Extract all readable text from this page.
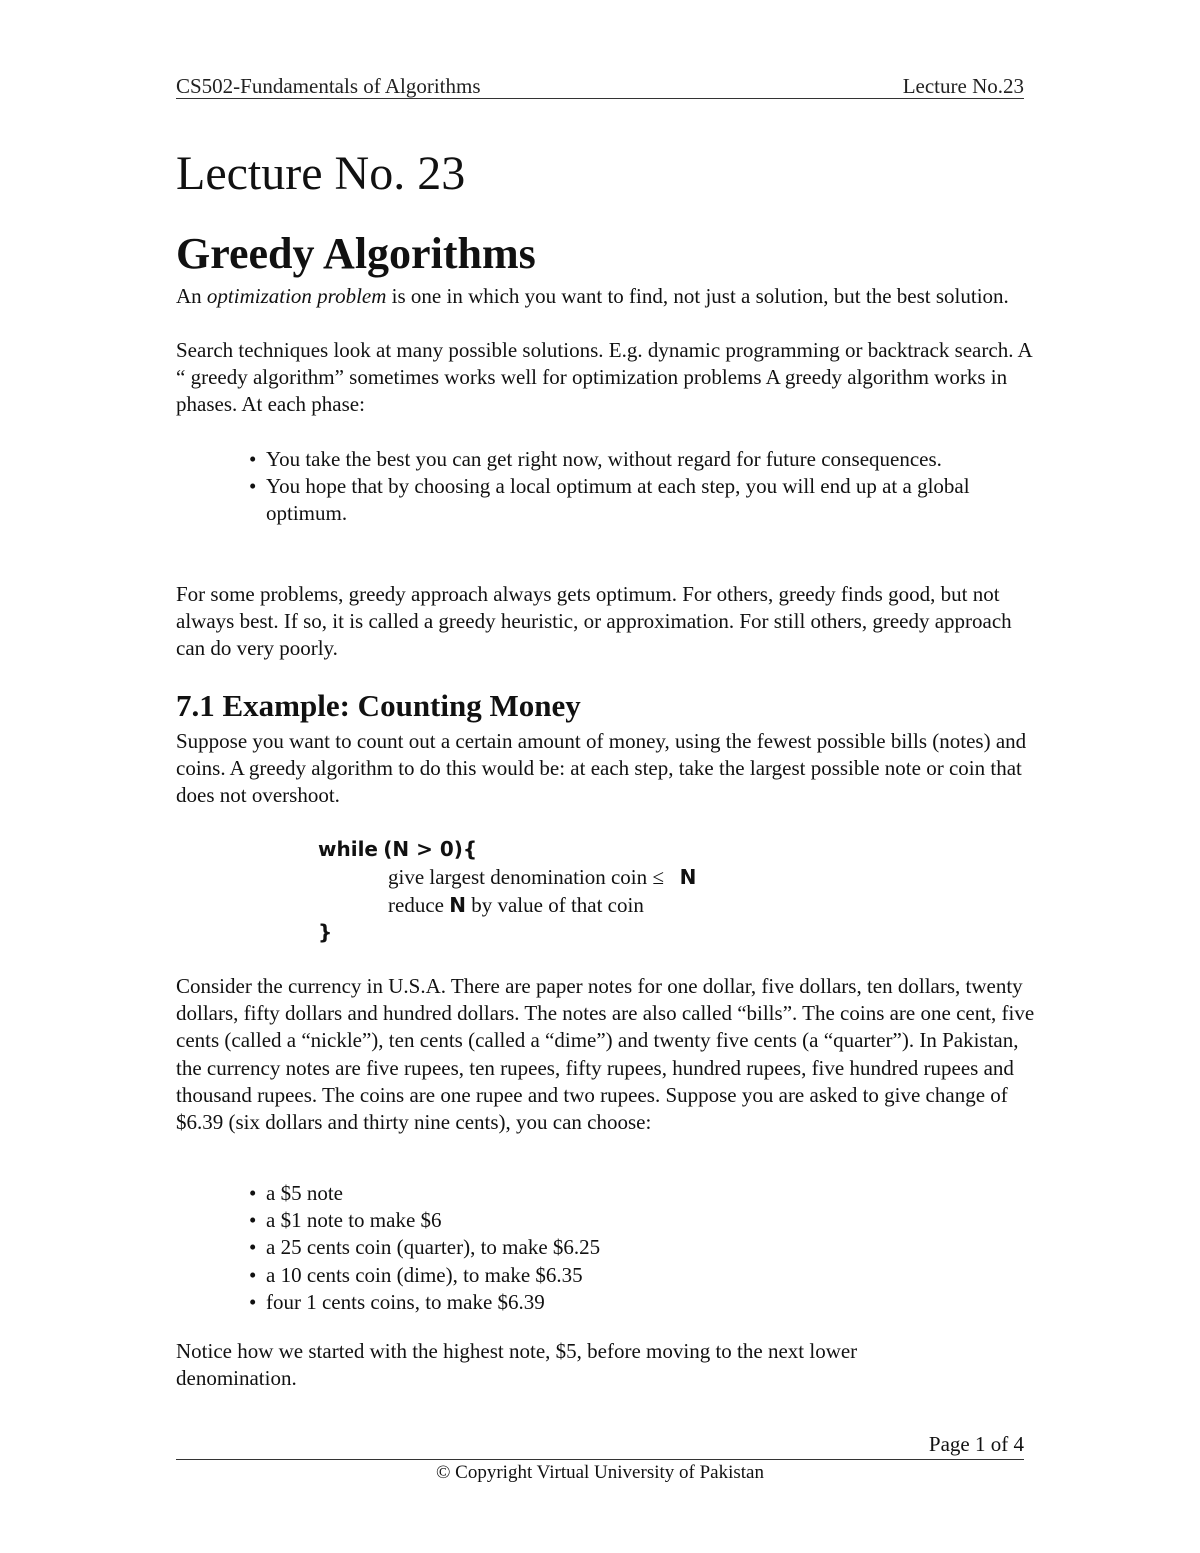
CS502-Fundamentals of Algorithms	Lecture No.23
Lecture No. 23
Greedy Algorithms

An optimization problem is one in which you want to find, not just a solution, but the best solution.

Search techniques look at many possible solutions. E.g. dynamic programming or backtrack search. A “ greedy algorithm” sometimes works well for optimization problems A greedy algorithm works in phases. At each phase:

• You take the best you can get right now, without regard for future consequences.
• You hope that by choosing a local optimum at each step, you will end up at a global optimum.

For some problems, greedy approach always gets optimum. For others, greedy finds good, but not always best. If so, it is called a greedy heuristic, or approximation. For still others, greedy approach can do very poorly.

7.1 Example: Counting Money

Suppose you want to count out a certain amount of money, using the fewest possible bills (notes) and coins. A greedy algorithm to do this would be: at each step, take the largest possible note or coin that does not overshoot.

while (N > 0){
give largest denomination coin ≤ N
reduce N by value of that coin
}

Consider the currency in U.S.A. There are paper notes for one dollar, five dollars, ten dollars, twenty dollars, fifty dollars and hundred dollars. The notes are also called “bills”. The coins are one cent, five cents (called a “nickle”), ten cents (called a “dime”) and twenty five cents (a “quarter”). In Pakistan, the currency notes are five rupees, ten rupees, fifty rupees, hundred rupees, five hundred rupees and thousand rupees. The coins are one rupee and two rupees. Suppose you are asked to give change of $6.39 (six dollars and thirty nine cents), you can choose:

• a $5 note
• a $1 note to make $6
• a 25 cents coin (quarter), to make $6.25
• a 10 cents coin (dime), to make $6.35
• four 1 cents coins, to make $6.39

Notice how we started with the highest note, $5, before moving to the next lower denomination.

Page 1 of 4
© Copyright Virtual University of Pakistan
